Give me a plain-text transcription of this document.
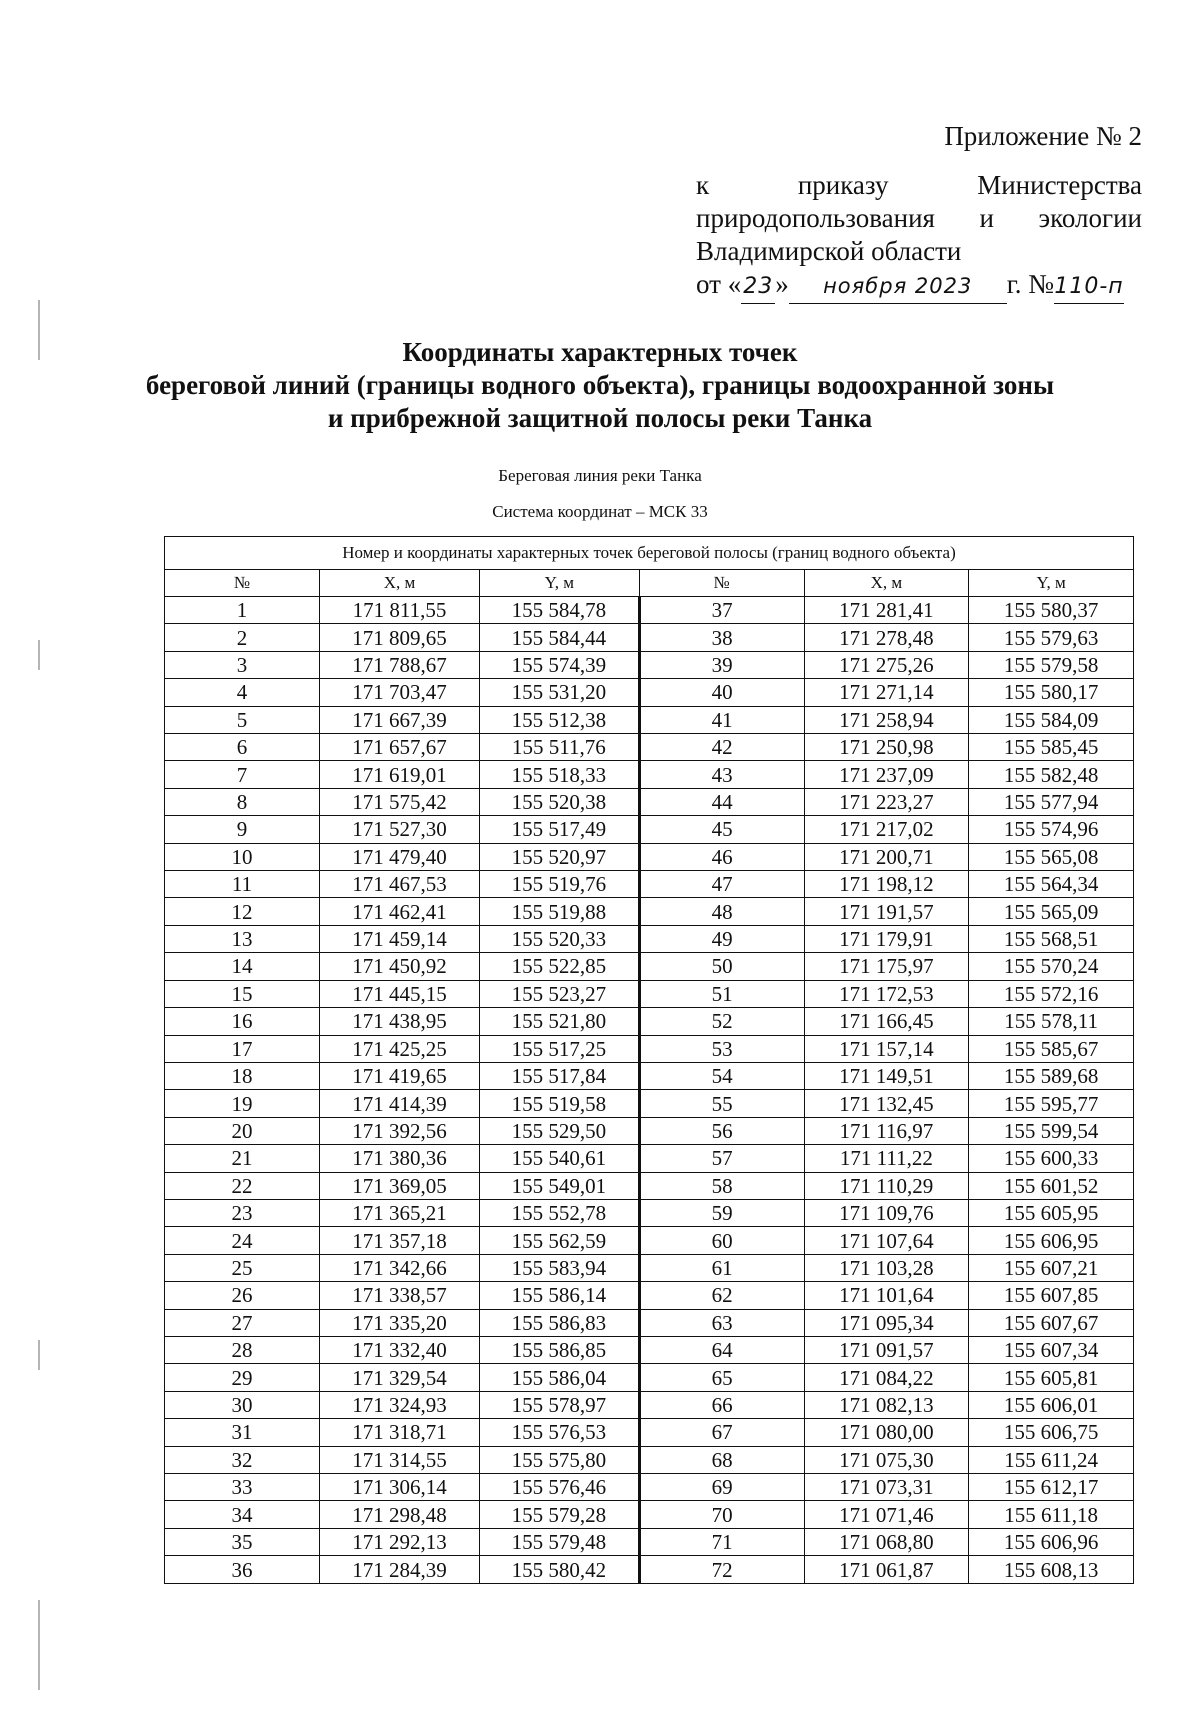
Приложение № 2
к приказу Министерства
природопользования и экологии
Владимирской области
от « 23 »	ноября 2023	г. № 110-п
Координаты характерных точек
береговой линий (границы водного объекта), границы водоохранной зоны
и прибрежной защитной полосы реки Танка
Береговая линия реки Танка
Система координат – МСК 33
Номер и координаты характерных точек береговой полосы (границ водного объекта)					
№	X, м	Y, м	№	X, м	Y, м
1	171 811,55	155 584,78	37	171 281,41	155 580,37
2	171 809,65	155 584,44	38	171 278,48	155 579,63
3	171 788,67	155 574,39	39	171 275,26	155 579,58
4	171 703,47	155 531,20	40	171 271,14	155 580,17
5	171 667,39	155 512,38	41	171 258,94	155 584,09
6	171 657,67	155 511,76	42	171 250,98	155 585,45
7	171 619,01	155 518,33	43	171 237,09	155 582,48
8	171 575,42	155 520,38	44	171 223,27	155 577,94
9	171 527,30	155 517,49	45	171 217,02	155 574,96
10	171 479,40	155 520,97	46	171 200,71	155 565,08
11	171 467,53	155 519,76	47	171 198,12	155 564,34
12	171 462,41	155 519,88	48	171 191,57	155 565,09
13	171 459,14	155 520,33	49	171 179,91	155 568,51
14	171 450,92	155 522,85	50	171 175,97	155 570,24
15	171 445,15	155 523,27	51	171 172,53	155 572,16
16	171 438,95	155 521,80	52	171 166,45	155 578,11
17	171 425,25	155 517,25	53	171 157,14	155 585,67
18	171 419,65	155 517,84	54	171 149,51	155 589,68
19	171 414,39	155 519,58	55	171 132,45	155 595,77
20	171 392,56	155 529,50	56	171 116,97	155 599,54
21	171 380,36	155 540,61	57	171 111,22	155 600,33
22	171 369,05	155 549,01	58	171 110,29	155 601,52
23	171 365,21	155 552,78	59	171 109,76	155 605,95
24	171 357,18	155 562,59	60	171 107,64	155 606,95
25	171 342,66	155 583,94	61	171 103,28	155 607,21
26	171 338,57	155 586,14	62	171 101,64	155 607,85
27	171 335,20	155 586,83	63	171 095,34	155 607,67
28	171 332,40	155 586,85	64	171 091,57	155 607,34
29	171 329,54	155 586,04	65	171 084,22	155 605,81
30	171 324,93	155 578,97	66	171 082,13	155 606,01
31	171 318,71	155 576,53	67	171 080,00	155 606,75
32	171 314,55	155 575,80	68	171 075,30	155 611,24
33	171 306,14	155 576,46	69	171 073,31	155 612,17
34	171 298,48	155 579,28	70	171 071,46	155 611,18
35	171 292,13	155 579,48	71	171 068,80	155 606,96
36	171 284,39	155 580,42	72	171 061,87	155 608,13
